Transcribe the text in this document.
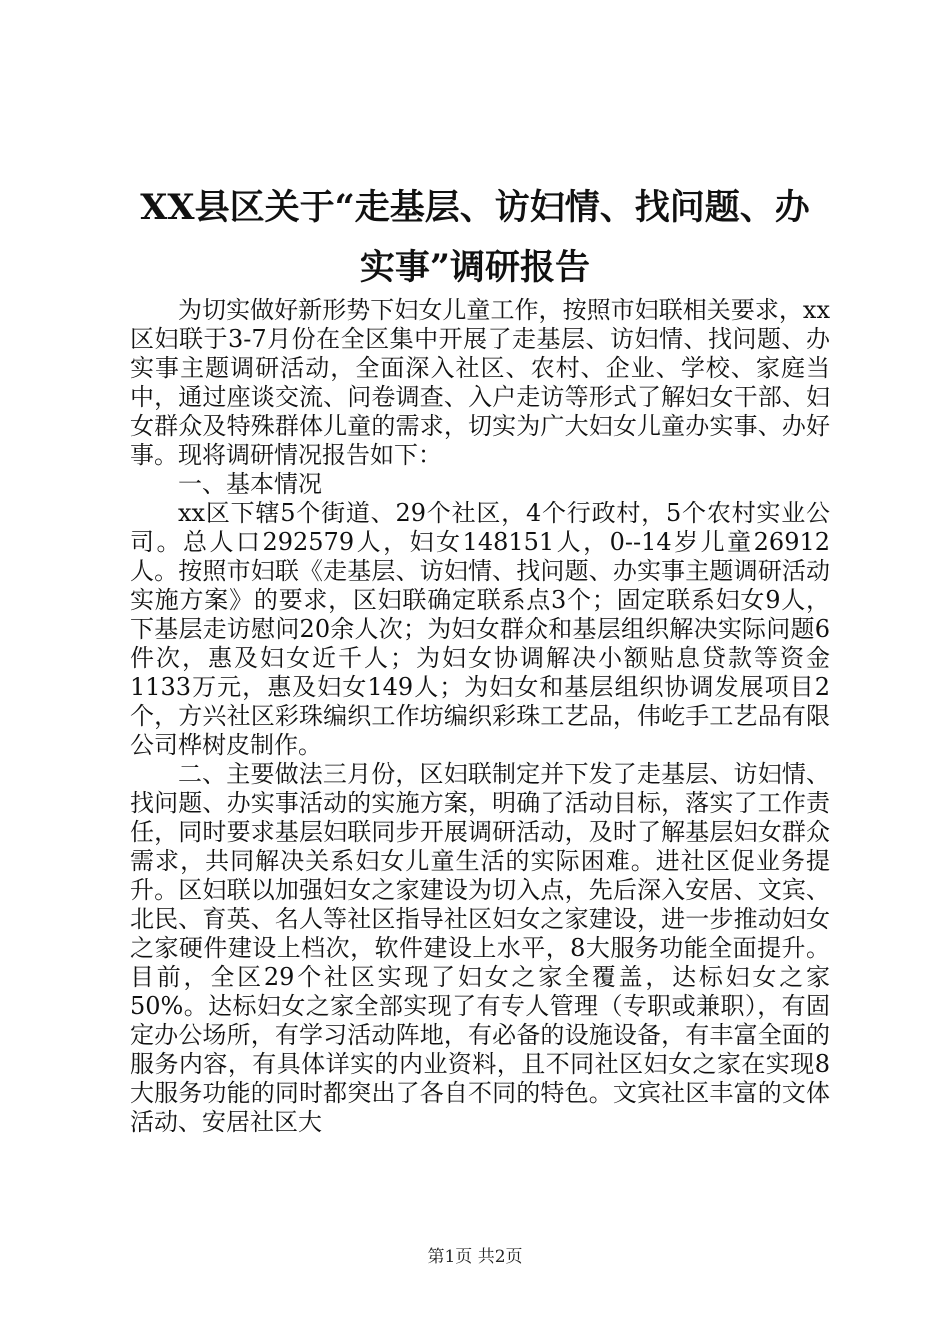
XX县区关于“走基层、访妇情、找问题、办
实事”调研报告

为切实做好新形势下妇女儿童工作，按照市妇联相关要求，xx区妇联于3-7月份在全区集中开展了走基层、访妇情、找问题、办实事主题调研活动，全面深入社区、农村、企业、学校、家庭当中，通过座谈交流、问卷调查、入户走访等形式了解妇女干部、妇女群众及特殊群体儿童的需求，切实为广大妇女儿童办实事、办好事。现将调研情况报告如下：

一、基本情况

xx区下辖5个街道、29个社区，4个行政村，5个农村实业公司。总人口292579人，妇女148151人，0--14岁儿童26912人。按照市妇联《走基层、访妇情、找问题、办实事主题调研活动实施方案》的要求，区妇联确定联系点3个；固定联系妇女9人，下基层走访慰问20余人次；为妇女群众和基层组织解决实际问题6件次，惠及妇女近千人；为妇女协调解决小额贴息贷款等资金1133万元，惠及妇女149人；为妇女和基层组织协调发展项目2个，方兴社区彩珠编织工作坊编织彩珠工艺品，伟屹手工艺品有限公司桦树皮制作。

二、主要做法三月份，区妇联制定并下发了走基层、访妇情、找问题、办实事活动的实施方案，明确了活动目标，落实了工作责任，同时要求基层妇联同步开展调研活动，及时了解基层妇女群众需求，共同解决关系妇女儿童生活的实际困难。进社区促业务提升。区妇联以加强妇女之家建设为切入点，先后深入安居、文宾、北民、育英、名人等社区指导社区妇女之家建设，进一步推动妇女之家硬件建设上档次，软件建设上水平，8大服务功能全面提升。目前，全区29个社区实现了妇女之家全覆盖，达标妇女之家50%。达标妇女之家全部实现了有专人管理（专职或兼职），有固定办公场所，有学习活动阵地，有必备的设施设备，有丰富全面的服务内容，有具体详实的内业资料，且不同社区妇女之家在实现8大服务功能的同时都突出了各自不同的特色。文宾社区丰富的文体活动、安居社区大

第1页 共2页
